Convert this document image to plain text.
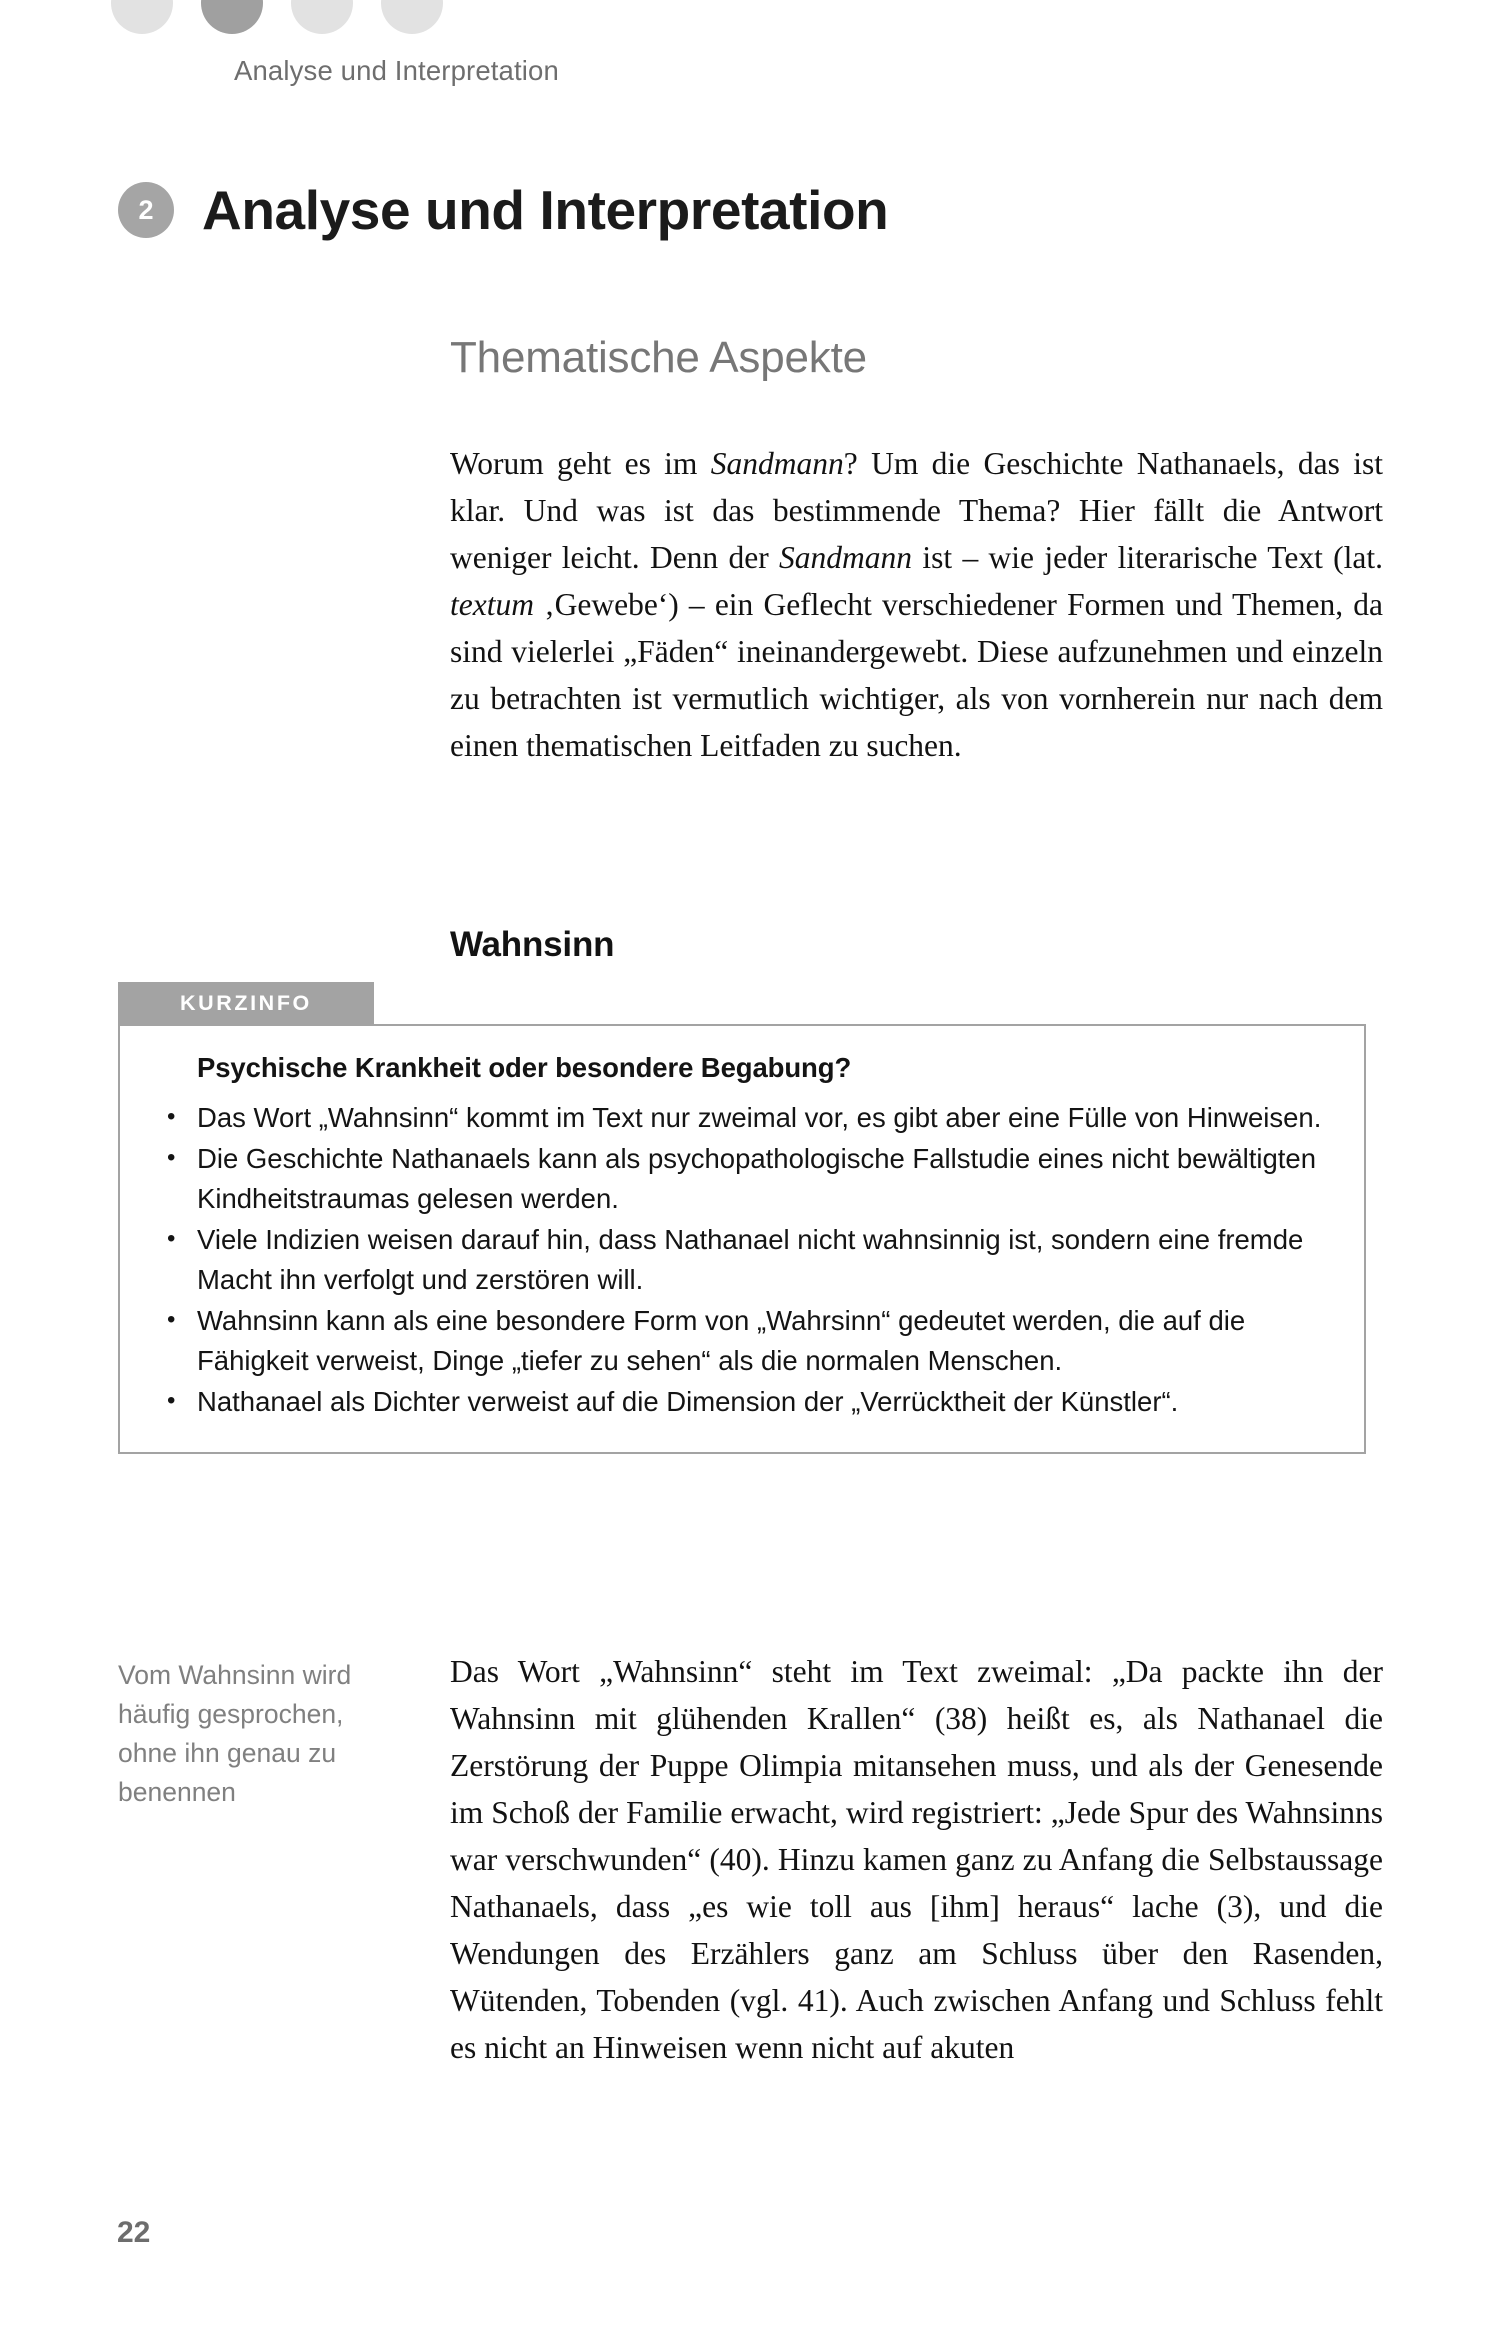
Analyse und Interpretation
2 Analyse und Interpretation
Thematische Aspekte
Worum geht es im Sandmann? Um die Geschichte Nathanaels, das ist klar. Und was ist das bestimmende Thema? Hier fällt die Antwort weniger leicht. Denn der Sandmann ist – wie jeder literarische Text (lat. textum ‚Gewebe‘) – ein Geflecht verschiedener Formen und Themen, da sind vielerlei „Fäden“ ineinandergewebt. Diese aufzunehmen und einzeln zu betrachten ist vermutlich wichtiger, als von vornherein nur nach dem einen thematischen Leitfaden zu suchen.
Wahnsinn
KURZINFO
Psychische Krankheit oder besondere Begabung?
• Das Wort „Wahnsinn“ kommt im Text nur zweimal vor, es gibt aber eine Fülle von Hinweisen.
• Die Geschichte Nathanaels kann als psychopathologische Fallstudie eines nicht bewältigten Kindheitstraumas gelesen werden.
• Viele Indizien weisen darauf hin, dass Nathanael nicht wahnsinnig ist, sondern eine fremde Macht ihn verfolgt und zerstören will.
• Wahnsinn kann als eine besondere Form von „Wahrsinn“ gedeutet werden, die auf die Fähigkeit verweist, Dinge „tiefer zu sehen“ als die normalen Menschen.
• Nathanael als Dichter verweist auf die Dimension der „Verrücktheit der Künstler“.
Vom Wahnsinn wird häufig gesprochen, ohne ihn genau zu benennen
Das Wort „Wahnsinn“ steht im Text zweimal: „Da packte ihn der Wahnsinn mit glühenden Krallen“ (38) heißt es, als Nathanael die Zerstörung der Puppe Olimpia mitansehen muss, und als der Genesende im Schoß der Familie erwacht, wird registriert: „Jede Spur des Wahnsinns war verschwunden“ (40). Hinzu kamen ganz zu Anfang die Selbstaussage Nathanaels, dass „es wie toll aus [ihm] heraus“ lache (3), und die Wendungen des Erzählers ganz am Schluss über den Rasenden, Wütenden, Tobenden (vgl. 41). Auch zwischen Anfang und Schluss fehlt es nicht an Hinweisen wenn nicht auf akuten
22
